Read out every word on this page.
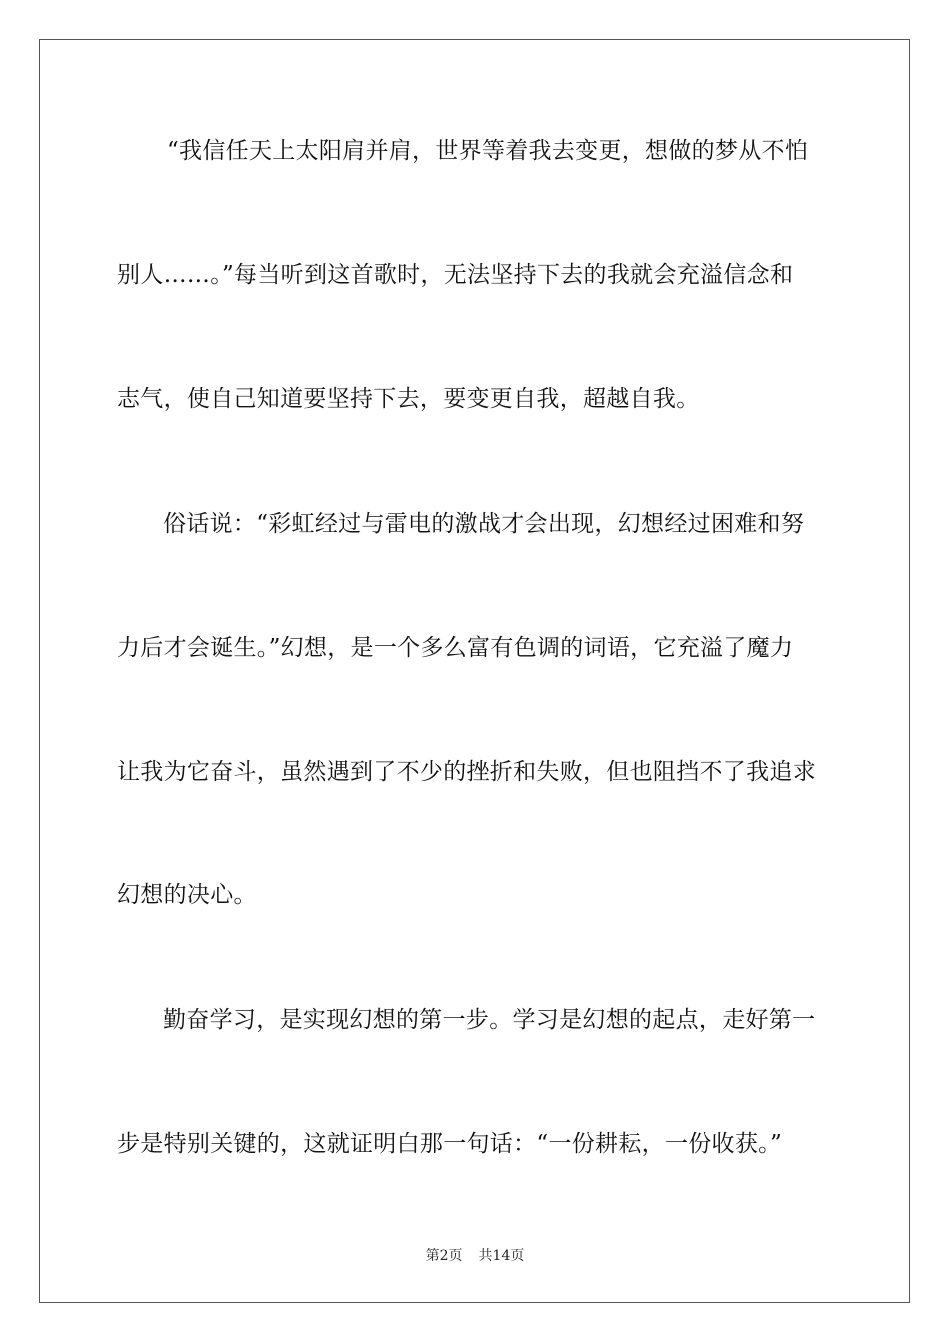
“我信任天上太阳肩并肩，世界等着我去变更，想做的梦从不怕
别人……。”每当听到这首歌时，无法坚持下去的我就会充溢信念和
志气，使自己知道要坚持下去，要变更自我，超越自我。
俗话说：“彩虹经过与雷电的激战才会出现，幻想经过困难和努
力后才会诞生。”幻想，是一个多么富有色调的词语，它充溢了魔力
让我为它奋斗，虽然遇到了不少的挫折和失败，但也阻挡不了我追求
幻想的决心。
勤奋学习，是实现幻想的第一步。学习是幻想的起点，走好第一
步是特别关键的，这就证明白那一句话：“一份耕耘，一份收获。”
第2页 共14页
